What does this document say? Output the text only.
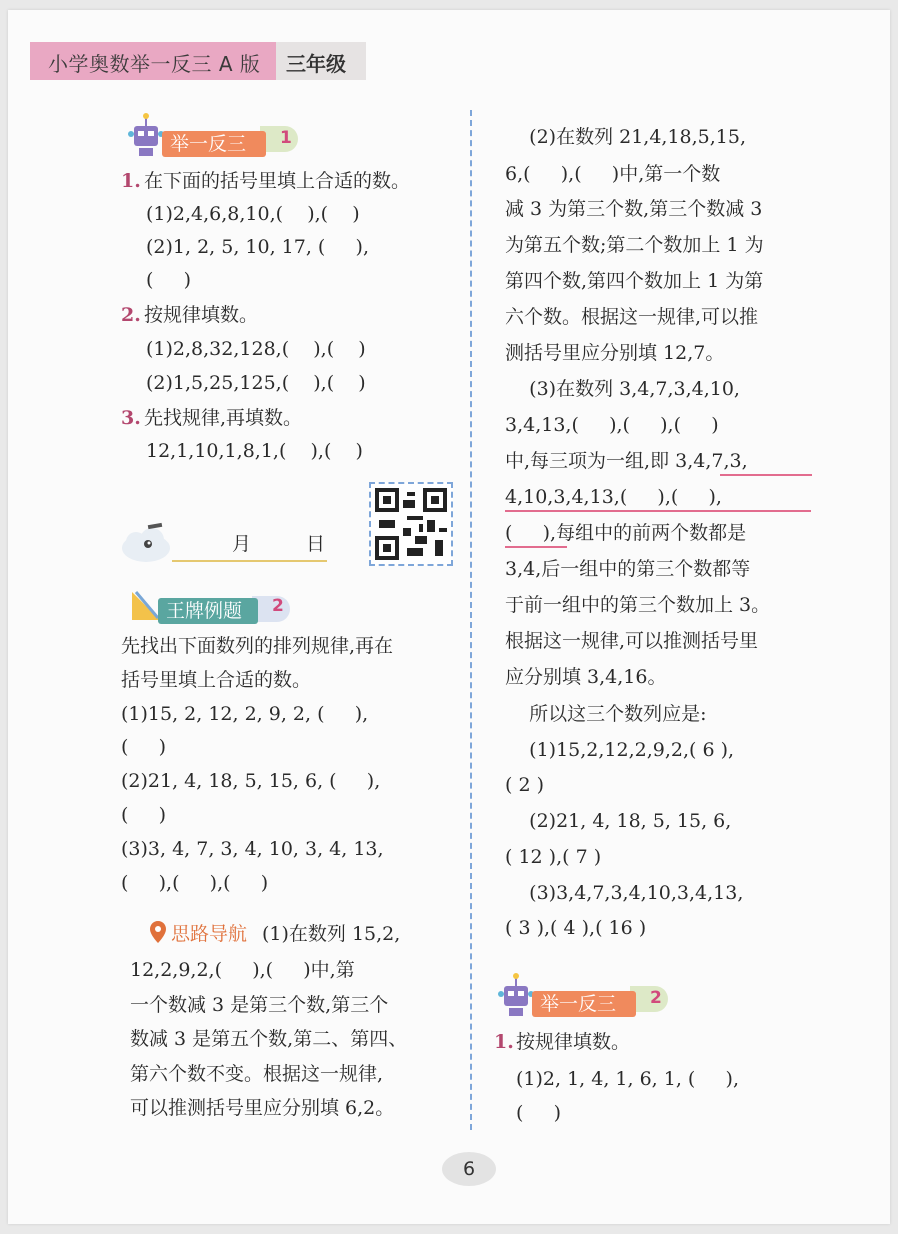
小学奥数举一反三 A 版 三年级
举一反三	1
1. 在下面的括号里填上合适的数。
(1)2,4,6,8,10,(    ),(    )
(2)1, 2, 5, 10, 17, (     ),
(     )
2. 按规律填数。
(1)2,8,32,128,(    ),(    )
(2)1,5,25,125,(    ),(    )
3. 先找规律,再填数。
12,1,10,1,8,1,(    ),(    )
月	日
王牌例题	2
先找出下面数列的排列规律,再在
括号里填上合适的数。
(1)15, 2, 12, 2, 9, 2, (     ),
(     )
(2)21, 4, 18, 5, 15, 6, (     ),
(     )
(3)3, 4, 7, 3, 4, 10, 3, 4, 13,
(     ),(     ),(     )
思路导航 (1)在数列 15,2,
12,2,9,2,(     ),(     )中,第
一个数减 3 是第三个数,第三个
数减 3 是第五个数,第二、第四、
第六个数不变。根据这一规律,
可以推测括号里应分别填 6,2。
(2)在数列 21,4,18,5,15,
6,(     ),(     )中,第一个数
减 3 为第三个数,第三个数减 3
为第五个数;第二个数加上 1 为
第四个数,第四个数加上 1 为第
六个数。根据这一规律,可以推
测括号里应分别填 12,7。
(3)在数列 3,4,7,3,4,10,
3,4,13,(     ),(     ),(     )
中,每三项为一组,即 3,4,7,3,
4,10,3,4,13,(     ),(     ),
(     ),每组中的前两个数都是
3,4,后一组中的第三个数都等
于前一组中的第三个数加上 3。
根据这一规律,可以推测括号里
应分别填 3,4,16。
所以这三个数列应是:
(1)15,2,12,2,9,2,( 6 ),
( 2 )
(2)21, 4, 18, 5, 15, 6,
( 12 ),( 7 )
(3)3,4,7,3,4,10,3,4,13,
( 3 ),( 4 ),( 16 )
举一反三	2
1. 按规律填数。
(1)2, 1, 4, 1, 6, 1, (     ),
(     )
6
